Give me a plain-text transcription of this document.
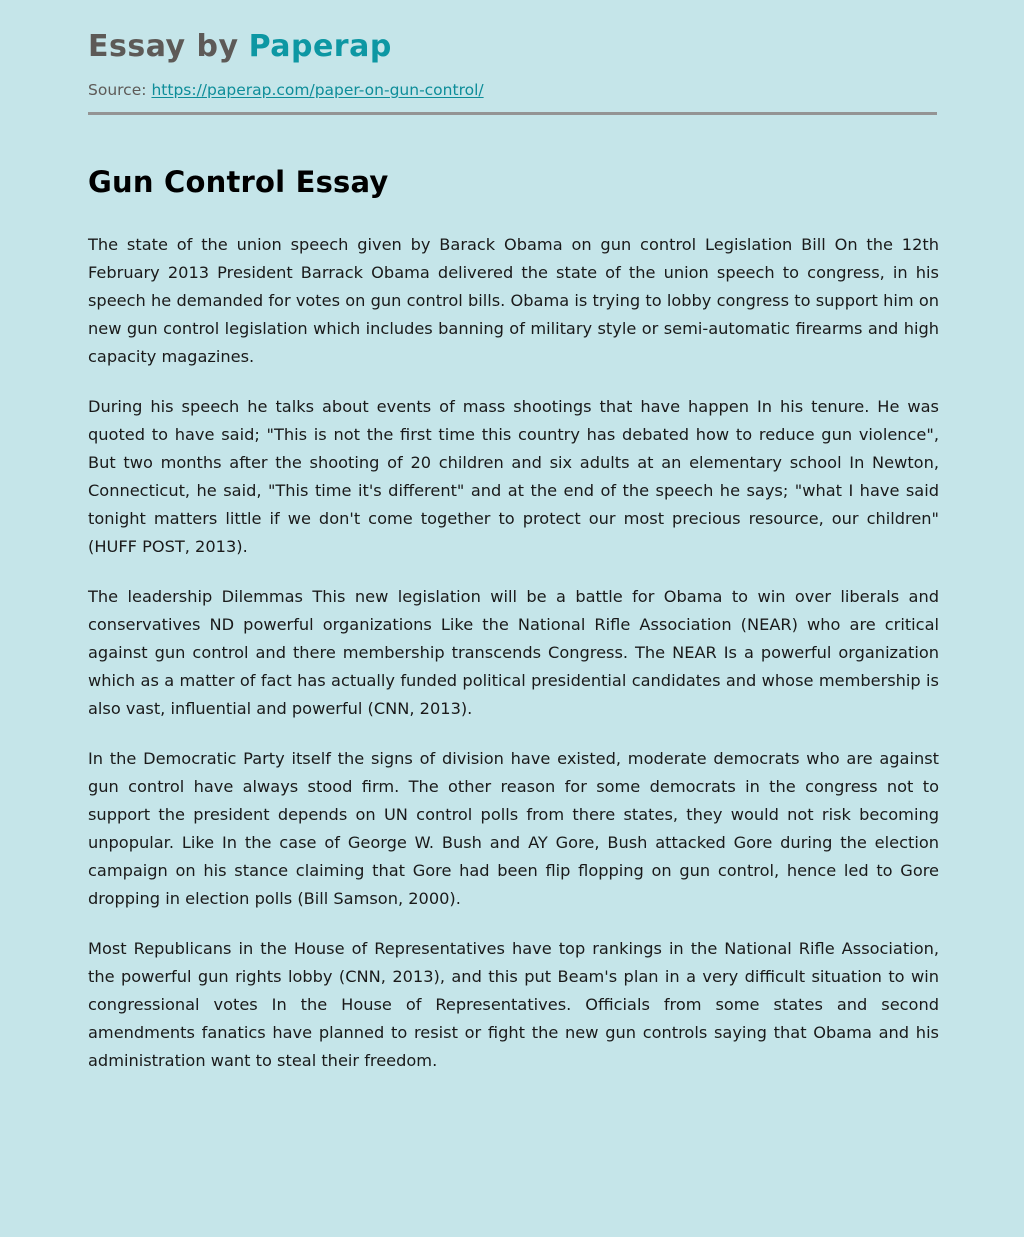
Essay by Paperap
Source: https://paperap.com/paper-on-gun-control/
Gun Control Essay

The state of the union speech given by Barack Obama on gun control Legislation Bill On the 12th February 2013 President Barrack Obama delivered the state of the union speech to congress, in his speech he demanded for votes on gun control bills. Obama is trying to lobby congress to support him on new gun control legislation which includes banning of military style or semi-automatic firearms and high capacity magazines.

During his speech he talks about events of mass shootings that have happen In his tenure. He was quoted to have said; "This is not the first time this country has debated how to reduce gun violence", But two months after the shooting of 20 children and six adults at an elementary school In Newton, Connecticut, he said, "This time it's different" and at the end of the speech he says; "what I have said tonight matters little if we don't come together to protect our most precious resource, our children" (HUFF POST, 2013).

The leadership Dilemmas This new legislation will be a battle for Obama to win over liberals and conservatives ND powerful organizations Like the National Rifle Association (NEAR) who are critical against gun control and there membership transcends Congress. The NEAR Is a powerful organization which as a matter of fact has actually funded political presidential candidates and whose membership is also vast, influential and powerful (CNN, 2013).

In the Democratic Party itself the signs of division have existed, moderate democrats who are against gun control have always stood firm. The other reason for some democrats in the congress not to support the president depends on UN control polls from there states, they would not risk becoming unpopular. Like In the case of George W. Bush and AY Gore, Bush attacked Gore during the election campaign on his stance claiming that Gore had been flip flopping on gun control, hence led to Gore dropping in election polls (Bill Samson, 2000).

Most Republicans in the House of Representatives have top rankings in the National Rifle Association, the powerful gun rights lobby (CNN, 2013), and this put Beam's plan in a very difficult situation to win congressional votes In the House of Representatives. Officials from some states and second amendments fanatics have planned to resist or fight the new gun controls saying that Obama and his administration want to steal their freedom.
